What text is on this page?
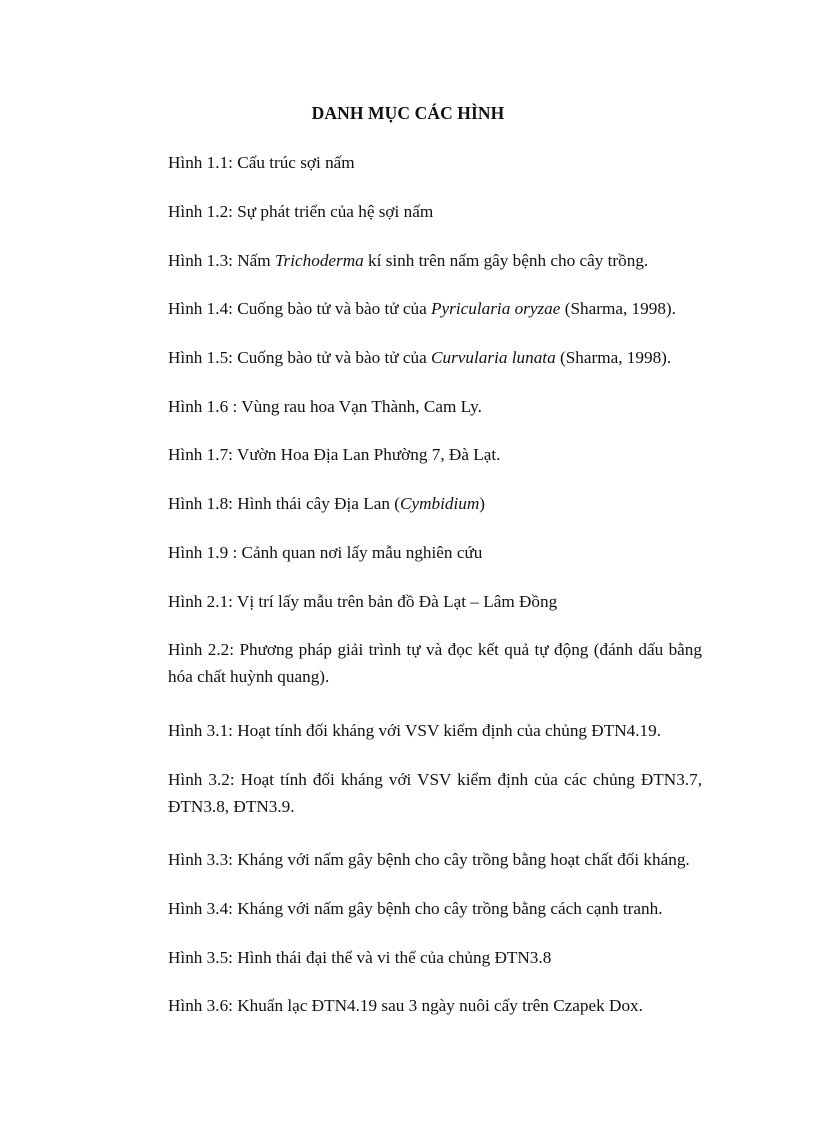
DANH MỤC CÁC HÌNH
Hình 1.1: Cấu trúc sợi nấm
Hình 1.2: Sự phát triển của hệ sợi nấm
Hình 1.3: Nấm Trichoderma kí sinh trên nấm gây bệnh cho cây trồng.
Hình 1.4: Cuống bào tử và bào tử của Pyricularia oryzae (Sharma, 1998).
Hình 1.5: Cuống bào tử và bào tử của Curvularia lunata (Sharma, 1998).
Hình 1.6 : Vùng rau hoa Vạn Thành, Cam Ly.
Hình 1.7: Vườn Hoa Địa Lan Phường 7, Đà Lạt.
Hình 1.8: Hình thái cây Địa Lan (Cymbidium)
Hình 1.9 : Cảnh quan nơi lấy mẫu nghiên cứu
Hình 2.1: Vị trí lấy mẫu trên bản đồ Đà Lạt – Lâm Đồng
Hình 2.2: Phương pháp giải trình tự và đọc kết quả tự động (đánh dấu bằng hóa chất huỳnh quang).
Hình 3.1: Hoạt tính đối kháng với VSV kiểm định của chủng ĐTN4.19.
Hình 3.2: Hoạt tính đối kháng với VSV kiểm định của các chủng ĐTN3.7, ĐTN3.8, ĐTN3.9.
Hình 3.3: Kháng với nấm gây bệnh cho cây trồng bằng hoạt chất đối kháng.
Hình 3.4: Kháng với nấm gây bệnh cho cây trồng bằng cách cạnh tranh.
Hình 3.5: Hình thái đại thể và vi thể của chủng ĐTN3.8
Hình 3.6: Khuẩn lạc ĐTN4.19 sau 3 ngày nuôi cấy trên Czapek Dox.
